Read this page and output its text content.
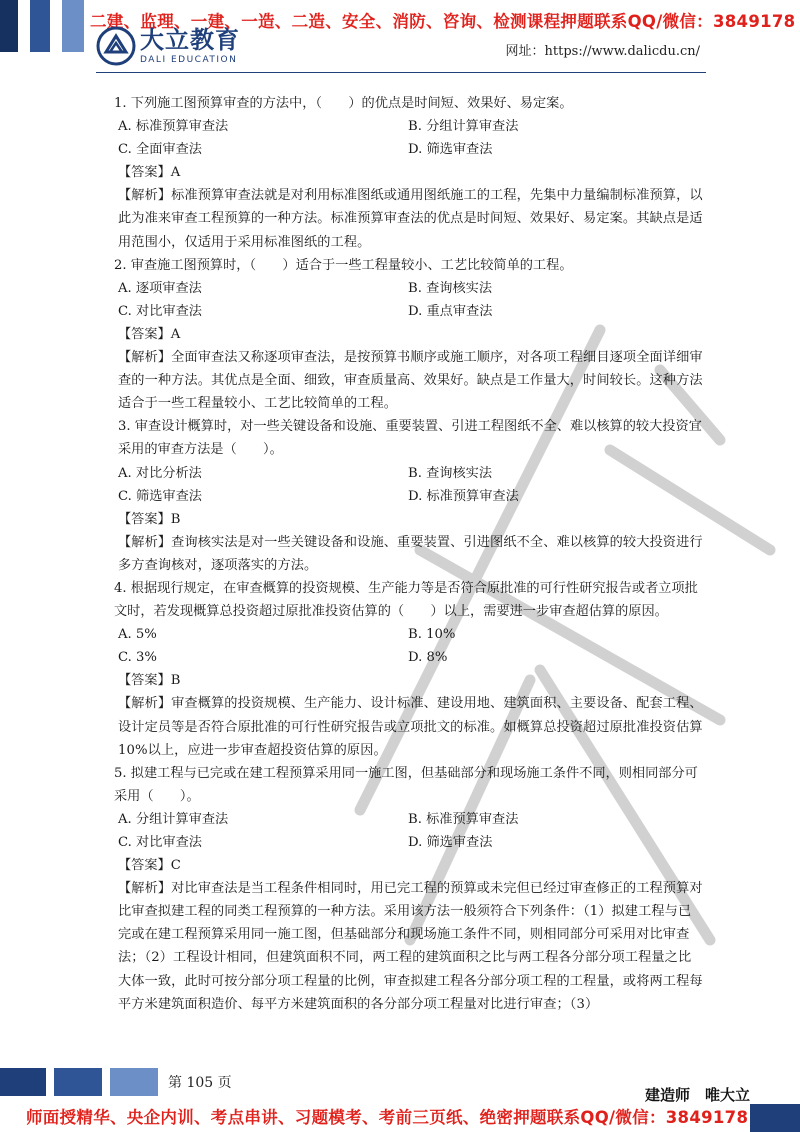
二建、监理、一建、一造、二造、安全、消防、咨询、检测课程押题联系QQ/微信：3849178
大立教育
DALI EDUCATION
网址：https://www.dalicdu.cn/

1. 下列施工图预算审查的方法中，（　　）的优点是时间短、效果好、易定案。

A. 标准预算审查法	B. 分组计算审查法
C. 全面审查法	D. 筛选审查法
【答案】A
【解析】标准预算审查法就是对利用标准图纸或通用图纸施工的工程，先集中力量编制标准预算，以此为准来审查工程预算的一种方法。标准预算审查法的优点是时间短、效果好、易定案。其缺点是适用范围小，仅适用于采用标准图纸的工程。

2. 审查施工图预算时，（　　）适合于一些工程量较小、工艺比较简单的工程。

A. 逐项审查法	B. 查询核实法
C. 对比审查法	D. 重点审查法
【答案】A
【解析】全面审查法又称逐项审查法，是按预算书顺序或施工顺序，对各项工程细目逐项全面详细审查的一种方法。其优点是全面、细致，审查质量高、效果好。缺点是工作量大，时间较长。这种方法适合于一些工程量较小、工艺比较简单的工程。

3. 审查设计概算时，对一些关键设备和设施、重要装置、引进工程图纸不全、难以核算的较大投资宜采用的审查方法是（　　）。

A. 对比分析法	B. 查询核实法
C. 筛选审查法	D. 标准预算审查法
【答案】B
【解析】查询核实法是对一些关键设备和设施、重要装置、引进图纸不全、难以核算的较大投资进行多方查询核对，逐项落实的方法。

4. 根据现行规定，在审查概算的投资规模、生产能力等是否符合原批准的可行性研究报告或者立项批文时，若发现概算总投资超过原批准投资估算的（　　）以上，需要进一步审查超估算的原因。

A. 5%	B. 10%
C. 3%	D. 8%
【答案】B
【解析】审查概算的投资规模、生产能力、设计标准、建设用地、建筑面积、主要设备、配套工程、设计定员等是否符合原批准的可行性研究报告或立项批文的标准。如概算总投资超过原批准投资估算10%以上，应进一步审查超投资估算的原因。

5. 拟建工程与已完或在建工程预算采用同一施工图，但基础部分和现场施工条件不同，则相同部分可采用（　　）。

A. 分组计算审查法	B. 标准预算审查法
C. 对比审查法	D. 筛选审查法
【答案】C
【解析】对比审查法是当工程条件相同时，用已完工程的预算或未完但已经过审查修正的工程预算对比审查拟建工程的同类工程预算的一种方法。采用该方法一般须符合下列条件：（1）拟建工程与已完或在建工程预算采用同一施工图，但基础部分和现场施工条件不同，则相同部分可采用对比审查法；（2）工程设计相同，但建筑面积不同，两工程的建筑面积之比与两工程各分部分项工程量之比大体一致，此时可按分部分项工程量的比例，审查拟建工程各分部分项工程的工程量，或将两工程每平方米建筑面积造价、每平方米建筑面积的各分部分项工程量对比进行审查；（3）
第 105 页
建造师　唯大立
师面授精华、央企内训、考点串讲、习题模考、考前三页纸、绝密押题联系QQ/微信：3849178
